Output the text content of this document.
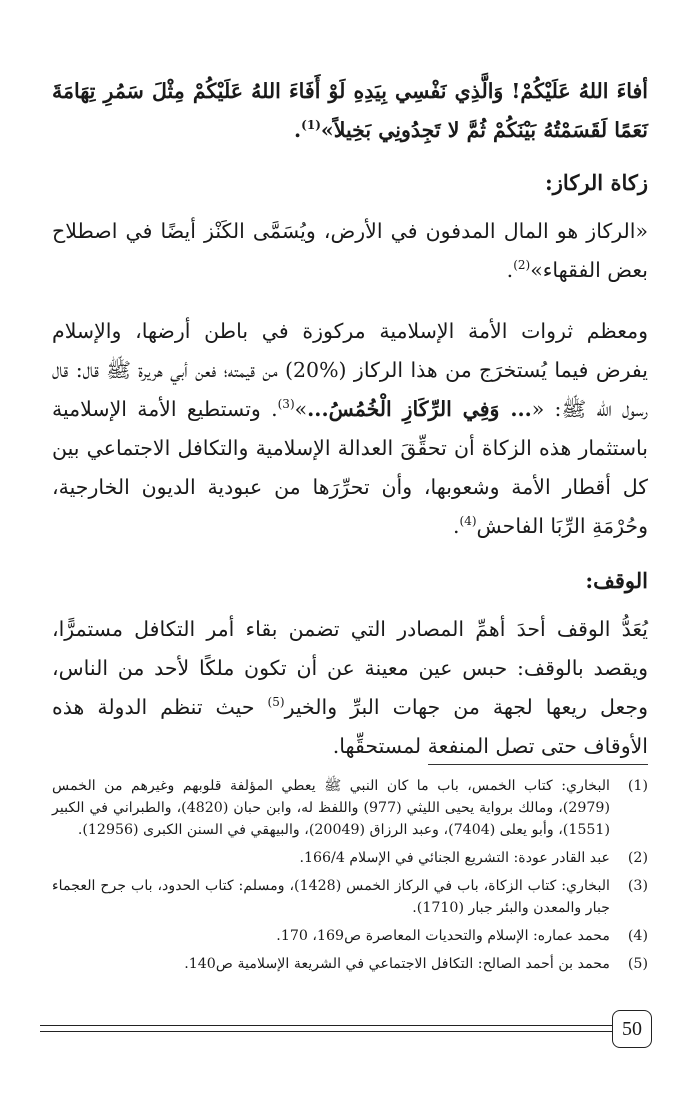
أفاءَ اللهُ عَلَيْكُمْ! وَالَّذِي نَفْسِي بِيَدِهِ لَوْ أَفَاءَ اللهُ عَلَيْكُمْ مِثْلَ سَمُرِ تِهَامَةَ نَعَمًا لَقَسَمْتُهُ بَيْنَكُمْ ثُمَّ لا تَجِدُونِي بَخِيلاً»$^{(1)}$.

زكاة الركاز:

«الركاز هو المال المدفون في الأرض، ويُسَمَّى الكَنْز أيضًا في اصطلاح بعض الفقهاء»$^{(2)}$.

ومعظم ثروات الأمة الإسلامية مركوزة في باطن أرضها، والإسلام يفرض فيما يُستخرَج من هذا الركاز (%20) من قيمته؛ فعن أبي هريرة ﷺ قال: قال رسول الله ﷺ: «... وَفِي الرِّكَازِ الْخُمُسُ...»$^{(3)}$. وتستطيع الأمة الإسلامية باستثمار هذه الزكاة أن تحقِّقَ العدالة الإسلامية والتكافل الاجتماعي بين كل أقطار الأمة وشعوبها، وأن تحرِّرَها من عبودية الديون الخارجية، وحُرْمَةِ الرِّبَا الفاحش$^{(4)}$.

الوقف:

يُعَدُّ الوقف أحدَ أهمِّ المصادر التي تضمن بقاء أمر التكافل مستمرًّا، ويقصد بالوقف: حبس عين معينة عن أن تكون ملكًا لأحد من الناس، وجعل ريعها لجهة من جهات البرِّ والخير$^{(5)}$ حيث تنظم الدولة هذه الأوقاف حتى تصل المنفعة لمستحقِّها.

(1)
البخاري: كتاب الخمس، باب ما كان النبي ﷺ يعطي المؤلفة قلوبهم وغيرهم من الخمس (2979)، ومالك برواية يحيى الليثي (977) واللفظ له، وابن حبان (4820)، والطبراني في الكبير (1551)، وأبو يعلى (7404)، وعبد الرزاق (20049)، والبيهقي في السنن الكبرى (12956).
(2)
عبد القادر عودة: التشريع الجنائي في الإسلام 166/4.
(3)
البخاري: كتاب الزكاة، باب في الركاز الخمس (1428)، ومسلم: كتاب الحدود، باب جرح العجماء جبار والمعدن والبئر جبار (1710).
(4)
محمد عماره: الإسلام والتحديات المعاصرة ص169، 170.
(5)
محمد بن أحمد الصالح: التكافل الاجتماعي في الشريعة الإسلامية ص140.
50
